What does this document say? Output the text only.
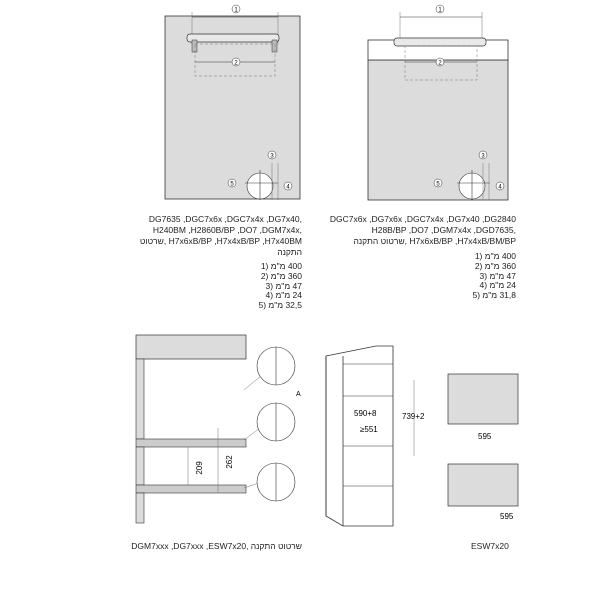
1
2
3
4
5
1
2
3
4
5
,DG7635 ,DGC7x6x ,DGC7x4x ,DG7x40
,H240BM ,H2860B/BP ,DO7 ,DGM7x4x
H7x6xB/BP ,H7x4xB/BP ,H7x40BM ,שרטוט
התקנה
400 מ"מ (1
360 מ"מ (2
47 מ"מ (3
24 מ"מ (4
32,5 מ"מ (5
DGC7x6x ,DG7x6x ,DGC7x4x ,DG7x40 ,DG2840
,H28B/BP ,DO7 ,DGM7x4x ,DGD7635
H7x6xB/BP ,H7x4xB/BM/BP ,שרטוט התקנה
400 מ"מ (1
360 מ"מ (2
47 מ"מ (3
24 מ"מ (4
31,8 מ"מ (5
209	262
A
590+8
≥551
739+2
595
595
שרטוט התקנה ,DGM7xxx ,DG7xxx ,ESW7x20	ESW7x20
